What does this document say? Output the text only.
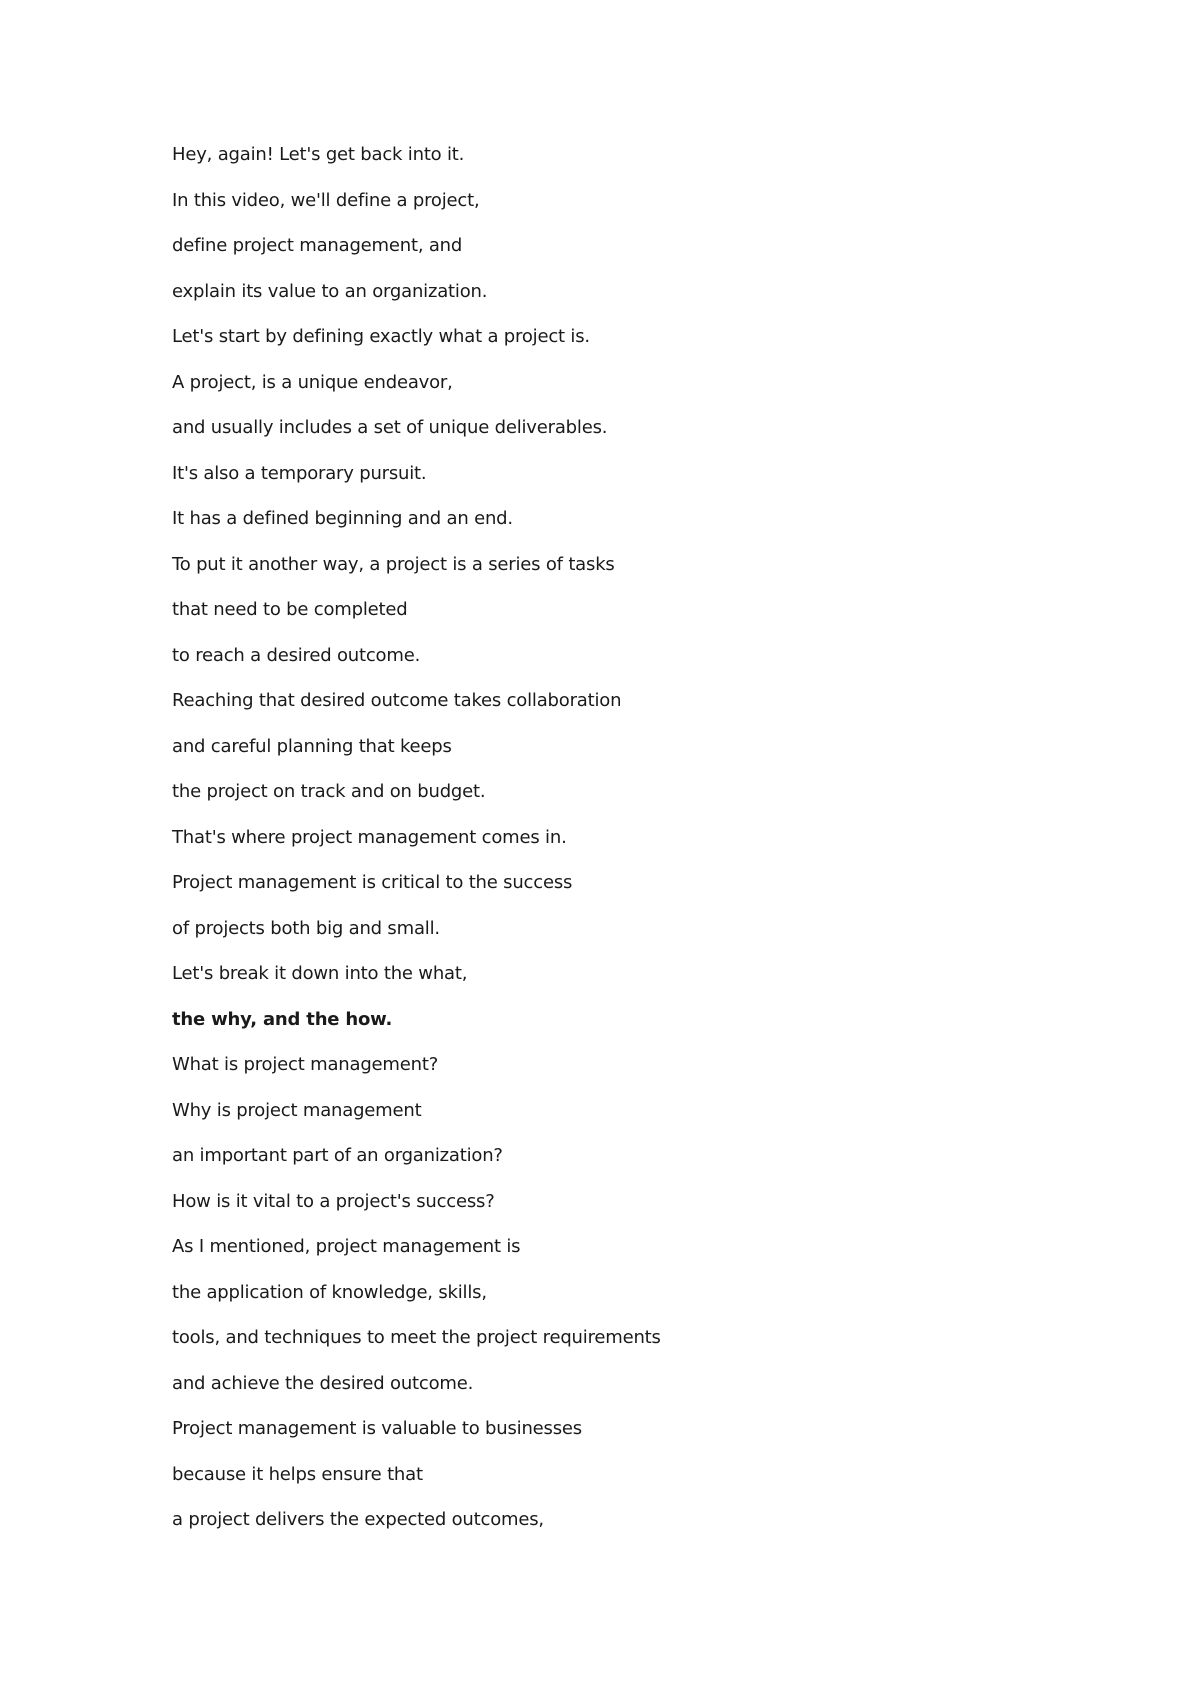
Hey, again! Let's get back into it.
In this video, we'll define a project,
define project management, and
explain its value to an organization.
Let's start by defining exactly what a project is.
A project, is a unique endeavor,
and usually includes a set of unique deliverables.
It's also a temporary pursuit.
It has a defined beginning and an end.
To put it another way, a project is a series of tasks
that need to be completed
to reach a desired outcome.
Reaching that desired outcome takes collaboration
and careful planning that keeps
the project on track and on budget.
That's where project management comes in.
Project management is critical to the success
of projects both big and small.
Let's break it down into the what,
the why, and the how.
What is project management?
Why is project management
an important part of an organization?
How is it vital to a project's success?
As I mentioned, project management is
the application of knowledge, skills,
tools, and techniques to meet the project requirements
and achieve the desired outcome.
Project management is valuable to businesses
because it helps ensure that
a project delivers the expected outcomes,
